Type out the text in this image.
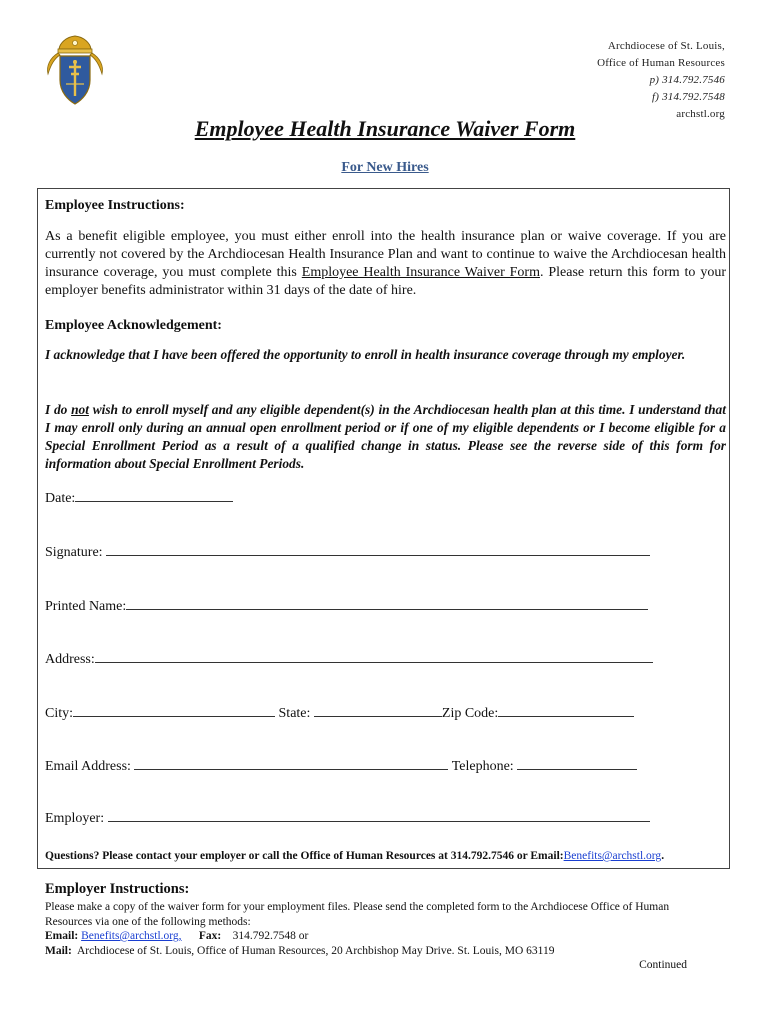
Archdiocese of St. Louis,
Office of Human Resources
p) 314.792.7546
f) 314.792.7548
archstl.org
Employee Health Insurance Waiver Form
For New Hires
Employee Instructions:
As a benefit eligible employee, you must either enroll into the health insurance plan or waive coverage. If you are currently not covered by the Archdiocesan Health Insurance Plan and want to continue to waive the Archdiocesan health insurance coverage, you must complete this Employee Health Insurance Waiver Form. Please return this form to your employer benefits administrator within 31 days of the date of hire.
Employee Acknowledgement:
I acknowledge that I have been offered the opportunity to enroll in health insurance coverage through my employer.
I do not wish to enroll myself and any eligible dependent(s) in the Archdiocesan health plan at this time. I understand that I may enroll only during an annual open enrollment period or if one of my eligible dependents or I become eligible for a Special Enrollment Period as a result of a qualified change in status. Please see the reverse side of this form for information about Special Enrollment Periods.
Date:
Signature:
Printed Name:
Address:
City:	State:	Zip Code:
Email Address:	Telephone:
Employer:
Questions? Please contact your employer or call the Office of Human Resources at 314.792.7546 or Email:Benefits@archstl.org.
Employer Instructions:
Please make a copy of the waiver form for your employment files. Please send the completed form to the Archdiocese Office of Human Resources via one of the following methods:
Email: Benefits@archstl.org, Fax: 314.792.7548 or
Mail: Archdiocese of St. Louis, Office of Human Resources, 20 Archbishop May Drive. St. Louis, MO 63119
Continued
